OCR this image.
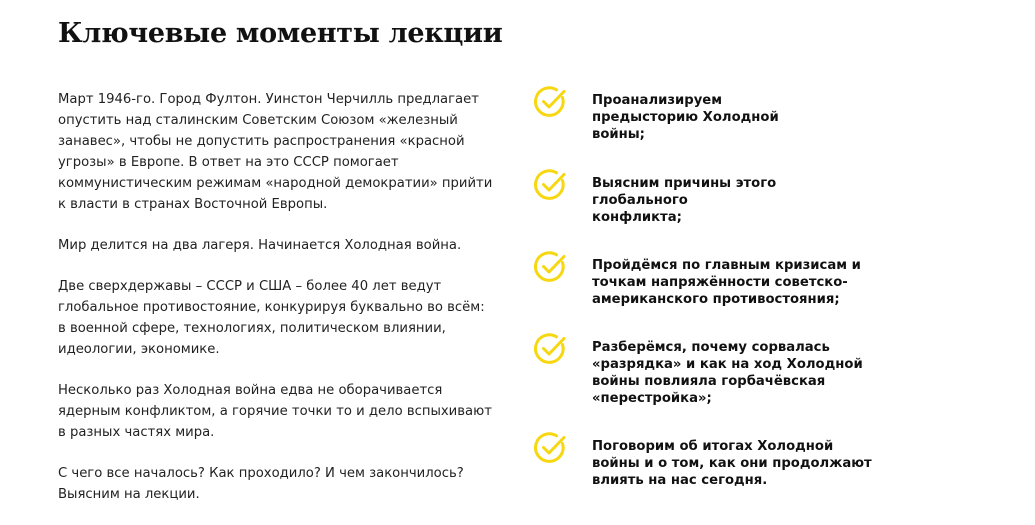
Ключевые моменты лекции

Март 1946-го. Город Фултон. Уинстон Черчилль предлагает опустить над сталинским Советским Союзом «железный занавес», чтобы не допустить распространения «красной угрозы» в Европе. В ответ на это СССР помогает коммунистическим режимам «народной демократии» прийти к власти в странах Восточной Европы.

Мир делится на два лагеря. Начинается Холодная война.

Две сверхдержавы – СССР и США – более 40 лет ведут глобальное противостояние, конкурируя буквально во всём: в военной сфере, технологиях, политическом влиянии, идеологии, экономике.

Несколько раз Холодная война едва не оборачивается ядерным конфликтом, а горячие точки то и дело вспыхивают в разных частях мира.

С чего все началось? Как проходило? И чем закончилось? Выясним на лекции.

Проанализируем предысторию Холодной войны;
Выясним причины этого глобального конфликта;
Пройдёмся по главным кризисам и точкам напряжённости советско-американского противостояния;
Разберёмся, почему сорвалась «разрядка» и как на ход Холодной войны повлияла горбачёвская «перестройка»;
Поговорим об итогах Холодной войны и о том, как они продолжают влиять на нас сегодня.
